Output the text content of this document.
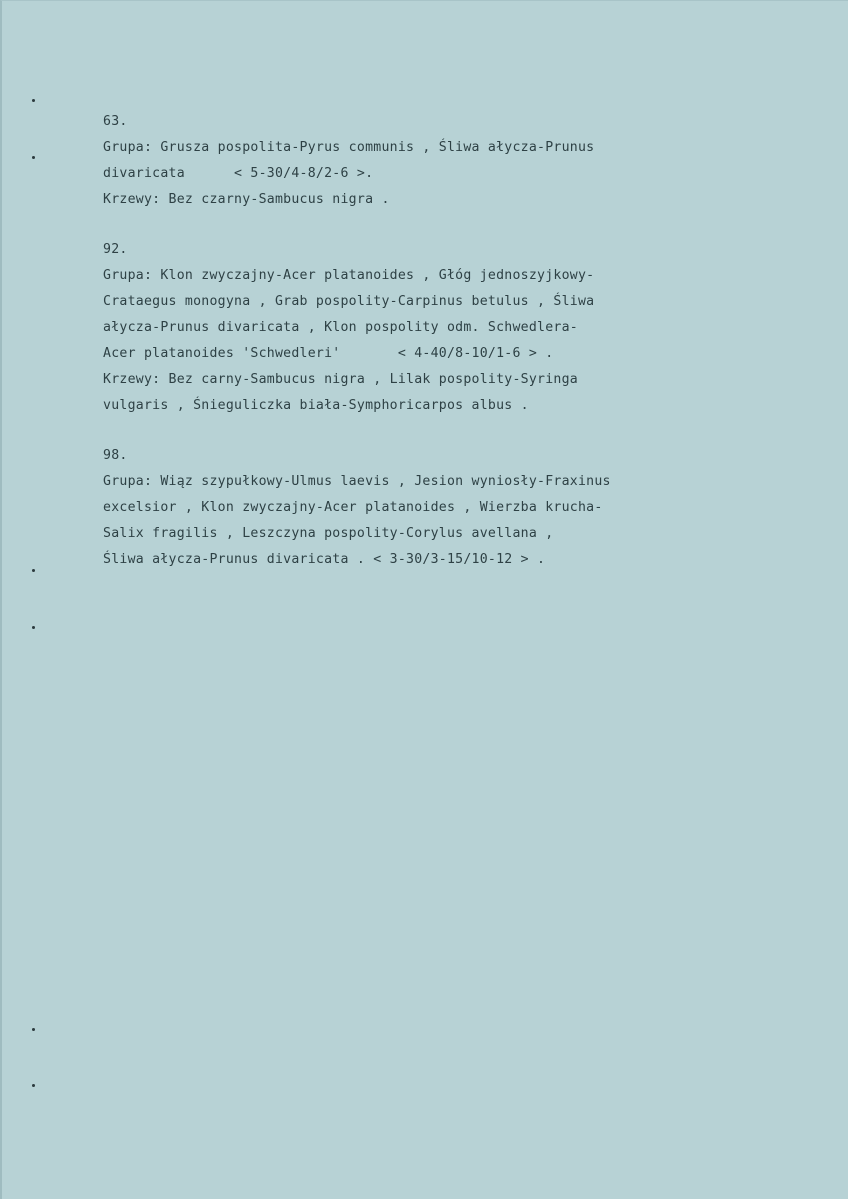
63.
Grupa: Grusza pospolita-Pyrus communis , Śliwa ałycza-Prunus
divaricata      < 5-30/4-8/2-6 >.
Krzewy: Bez czarny-Sambucus nigra .
92.
Grupa: Klon zwyczajny-Acer platanoides , Głóg jednoszyjkowy-
Crataegus monogyna , Grab pospolity-Carpinus betulus , Śliwa
ałycza-Prunus divaricata , Klon pospolity odm. Schwedlera-
Acer platanoides 'Schwedleri'       < 4-40/8-10/1-6 > .
Krzewy: Bez carny-Sambucus nigra , Lilak pospolity-Syringa
vulgaris , Śnieguliczka biała-Symphoricarpos albus .
98.
Grupa: Wiąz szypułkowy-Ulmus laevis , Jesion wyniosły-Fraxinus
excelsior , Klon zwyczajny-Acer platanoides , Wierzba krucha-
Salix fragilis , Leszczyna pospolity-Corylus avellana ,
Śliwa ałycza-Prunus divaricata . < 3-30/3-15/10-12 > .
